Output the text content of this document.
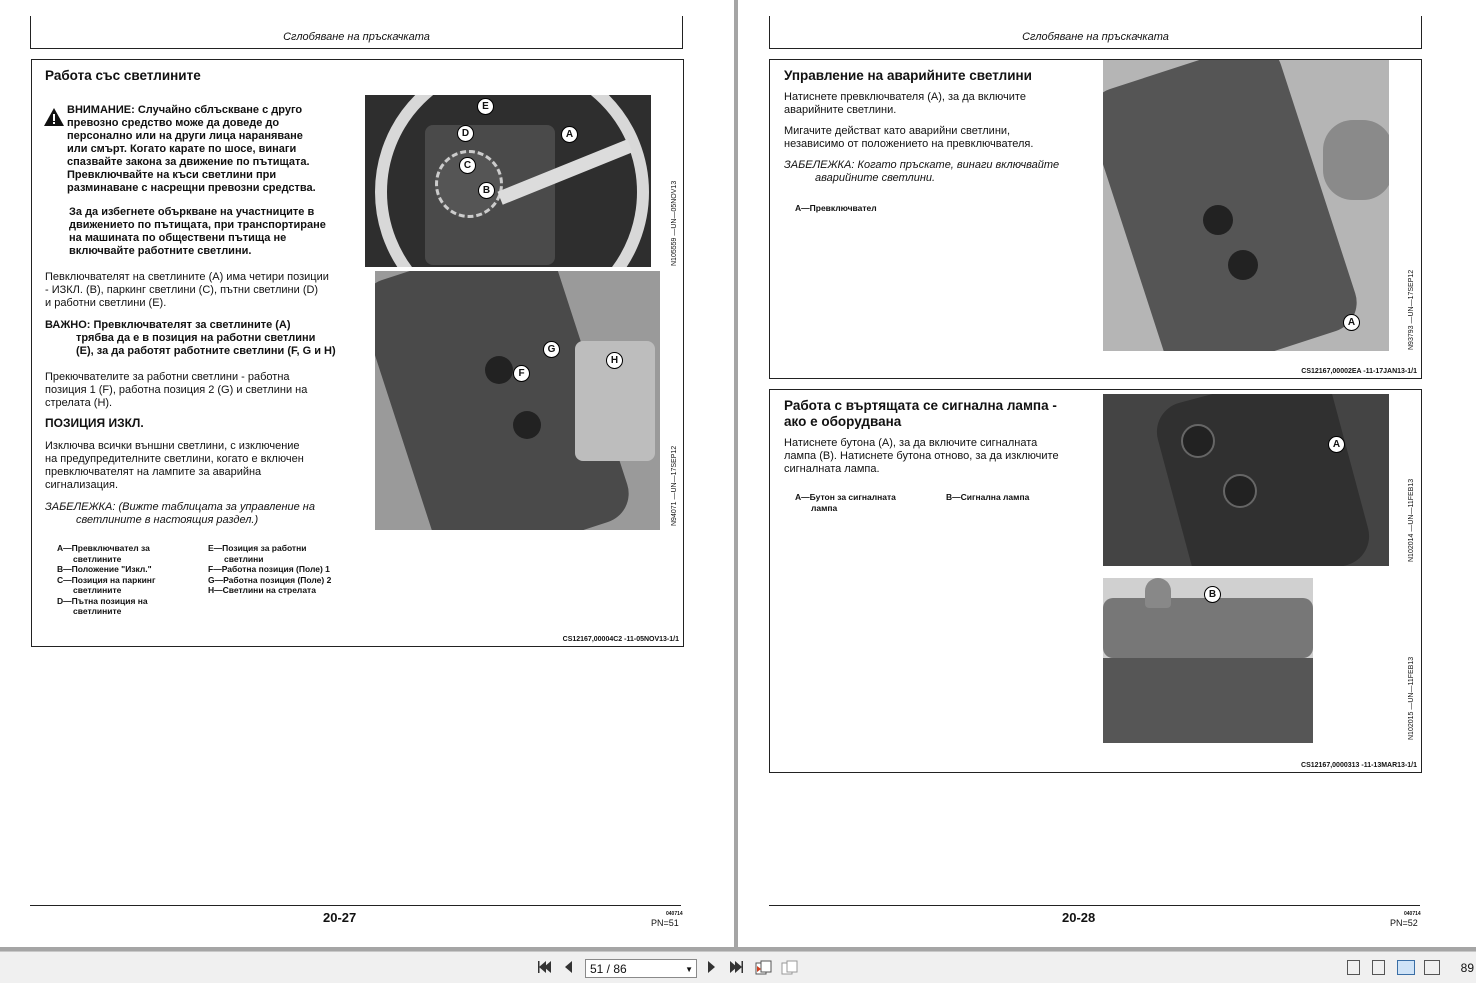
Сглобяване на пръскачката
Работа със светлините
ВНИМАНИЕ: Случайно сблъскване с друго
превозно средство може да доведе до
персонално или на други лица нараняване
или смърт. Когато карате по шосе, винаги
спазвайте закона за движение по пътищата.
Превключвайте на къси светлини при
разминаване с насрещни превозни средства.
За да избегнете объркване на участниците в
движението по пътищата, при транспортиране
на машината по обществени пътища не
включвайте работните светлини.
Певключвателят на светлините (А) има четири позиции
- ИЗКЛ. (B), паркинг светлини (C), пътни светлини (D)
и работни светлини (E).
ВАЖНО: Превключвателят за светлините (А)
трябва да е в позиция на работни светлини
(E), за да работят работните светлини (F, G и H)
Прекючвателите за работни светлини - работна
позиция 1 (F), работна позиция 2 (G) и светлини на
стрелата (H).
ПОЗИЦИЯ ИЗКЛ.
Изключва всички външни светлини, с изключение
на предупредителните светлини, когато е включен
превключвателят на лампите за аварийна
сигнализация.
ЗАБЕЛЕЖКА: (Вижте таблицата за управление на
светлините в настоящия раздел.)
A—Превключвател за
светлините
B—Положение "Изкл."
C—Позиция на паркинг
светлините
D—Пътна позиция на
светлините
E—Позиция за работни
светлини
F—Работна позиция (Поле) 1
G—Работна позиция (Поле) 2
H—Светлини на стрелата
E
D	A
C
B	N105559 —UN—05NOV13
G
H
F
N94071 —UN—17SEP12
CS12167,00004C2 -11-05NOV13-1/1
20-27	040714
PN=51
Сглобяване на пръскачката
Управление на аварийните светлини
Натиснете превключвателя (A), за да включите
аварийните светлини.
Мигачите действат като аварийни светлини,
независимо от положението на превключвателя.
ЗАБЕЛЕЖКА: Когато пръскате, винаги включвайте
аварийните светлини.
A—Превключвател
A	N93793 —UN—17SEP12
CS12167,00002EA -11-17JAN13-1/1
Работа с въртящата се сигнална лампа -
ако е оборудвана
Натиснете бутона (A), за да включите сигналната
лампа (B). Натиснете бутона отново, за да изключите
сигналната лампа.
A—Бутон за сигналната
лампа
B—Сигнална лампа
A
N102014 —UN—11FEB13
B
N102015 —UN—11FEB13
CS12167,0000313 -11-13MAR13-1/1
20-28	040714
PN=52
51 / 86	▼	89
